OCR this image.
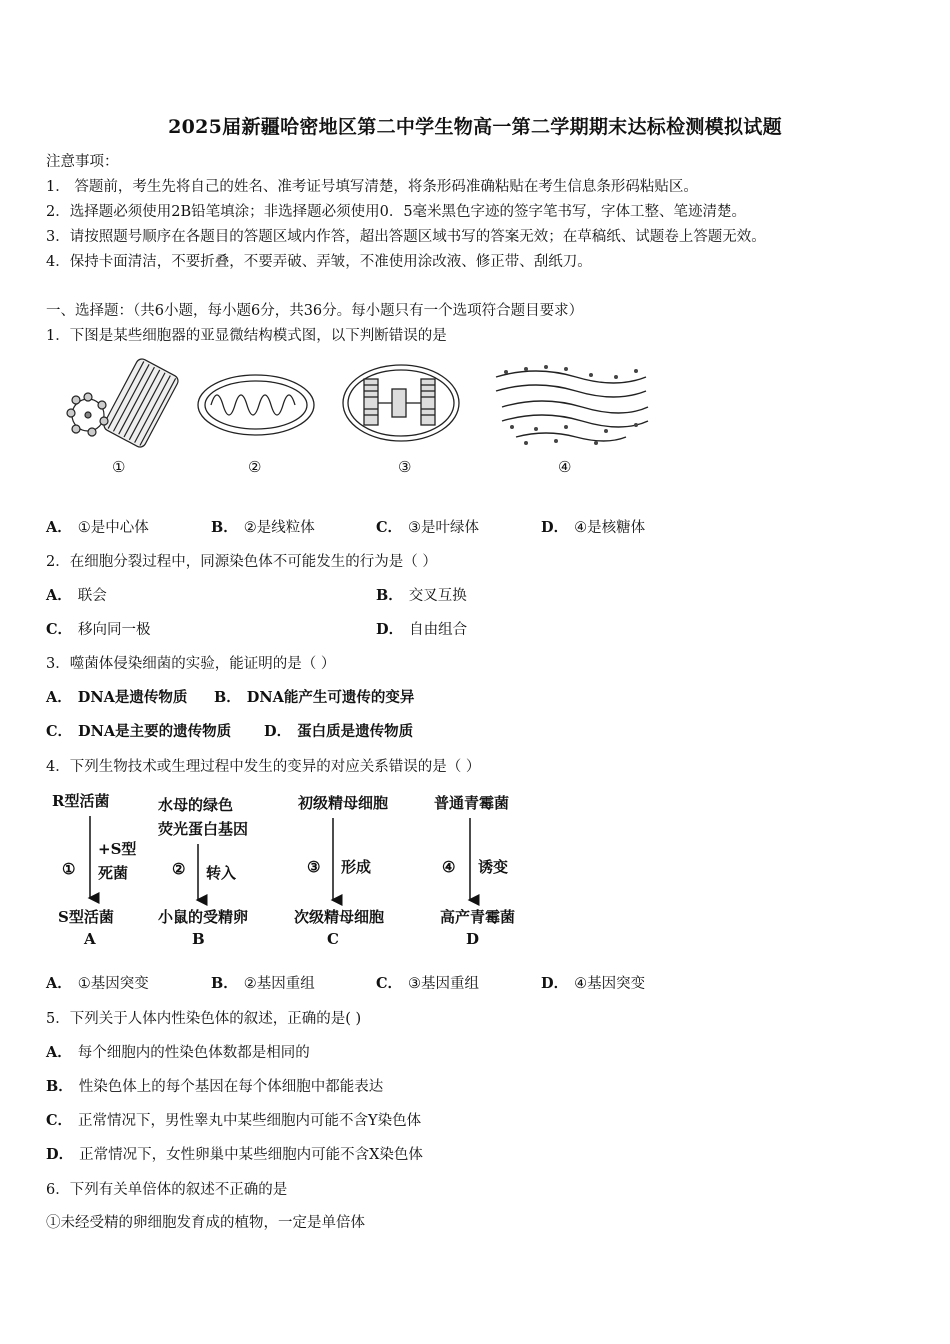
2025届新疆哈密地区第二中学生物高一第二学期期末达标检测模拟试题
注意事项：
1． 答题前，考生先将自己的姓名、准考证号填写清楚，将条形码准确粘贴在考生信息条形码粘贴区。
2．选择题必须使用2B铅笔填涂；非选择题必须使用0．5毫米黑色字迹的签字笔书写，字体工整、笔迹清楚。
3．请按照题号顺序在各题目的答题区域内作答，超出答题区域书写的答案无效；在草稿纸、试题卷上答题无效。
4．保持卡面清洁，不要折叠，不要弄破、弄皱，不准使用涂改液、修正带、刮纸刀。
一、选择题：（共6小题，每小题6分，共36分。每小题只有一个选项符合题目要求）
1．下图是某些细胞器的亚显微结构模式图，以下判断错误的是
①	②	③	④
A． ①是中心体	B． ②是线粒体	C． ③是叶绿体	D． ④是核糖体
2．在细胞分裂过程中，同源染色体不可能发生的行为是（ ）
A． 联会	B． 交叉互换
C． 移向同一极	D． 自由组合
3．噬菌体侵染细菌的实验，能证明的是（ ）
A． DNA是遗传物质 B． DNA能产生可遗传的变异
C． DNA是主要的遗传物质 D． 蛋白质是遗传物质
4．下列生物技术或生理过程中发生的变异的对应关系错误的是（ ）
R型活菌
①
+S型
死菌
S型活菌
A
水母的绿色
荧光蛋白基因
② 转入
小鼠的受精卵
B
初级精母细胞
③ 形成
次级精母细胞
C
普通青霉菌
④ 诱变
高产青霉菌
D
A． ①基因突变	B． ②基因重组	C． ③基因重组	D． ④基因突变
5．下列关于人体内性染色体的叙述，正确的是( )
A． 每个细胞内的性染色体数都是相同的
B． 性染色体上的每个基因在每个体细胞中都能表达
C． 正常情况下，男性睾丸中某些细胞内可能不含Y染色体
D． 正常情况下，女性卵巢中某些细胞内可能不含X染色体
6．下列有关单倍体的叙述不正确的是
①未经受精的卵细胞发育成的植物，一定是单倍体
